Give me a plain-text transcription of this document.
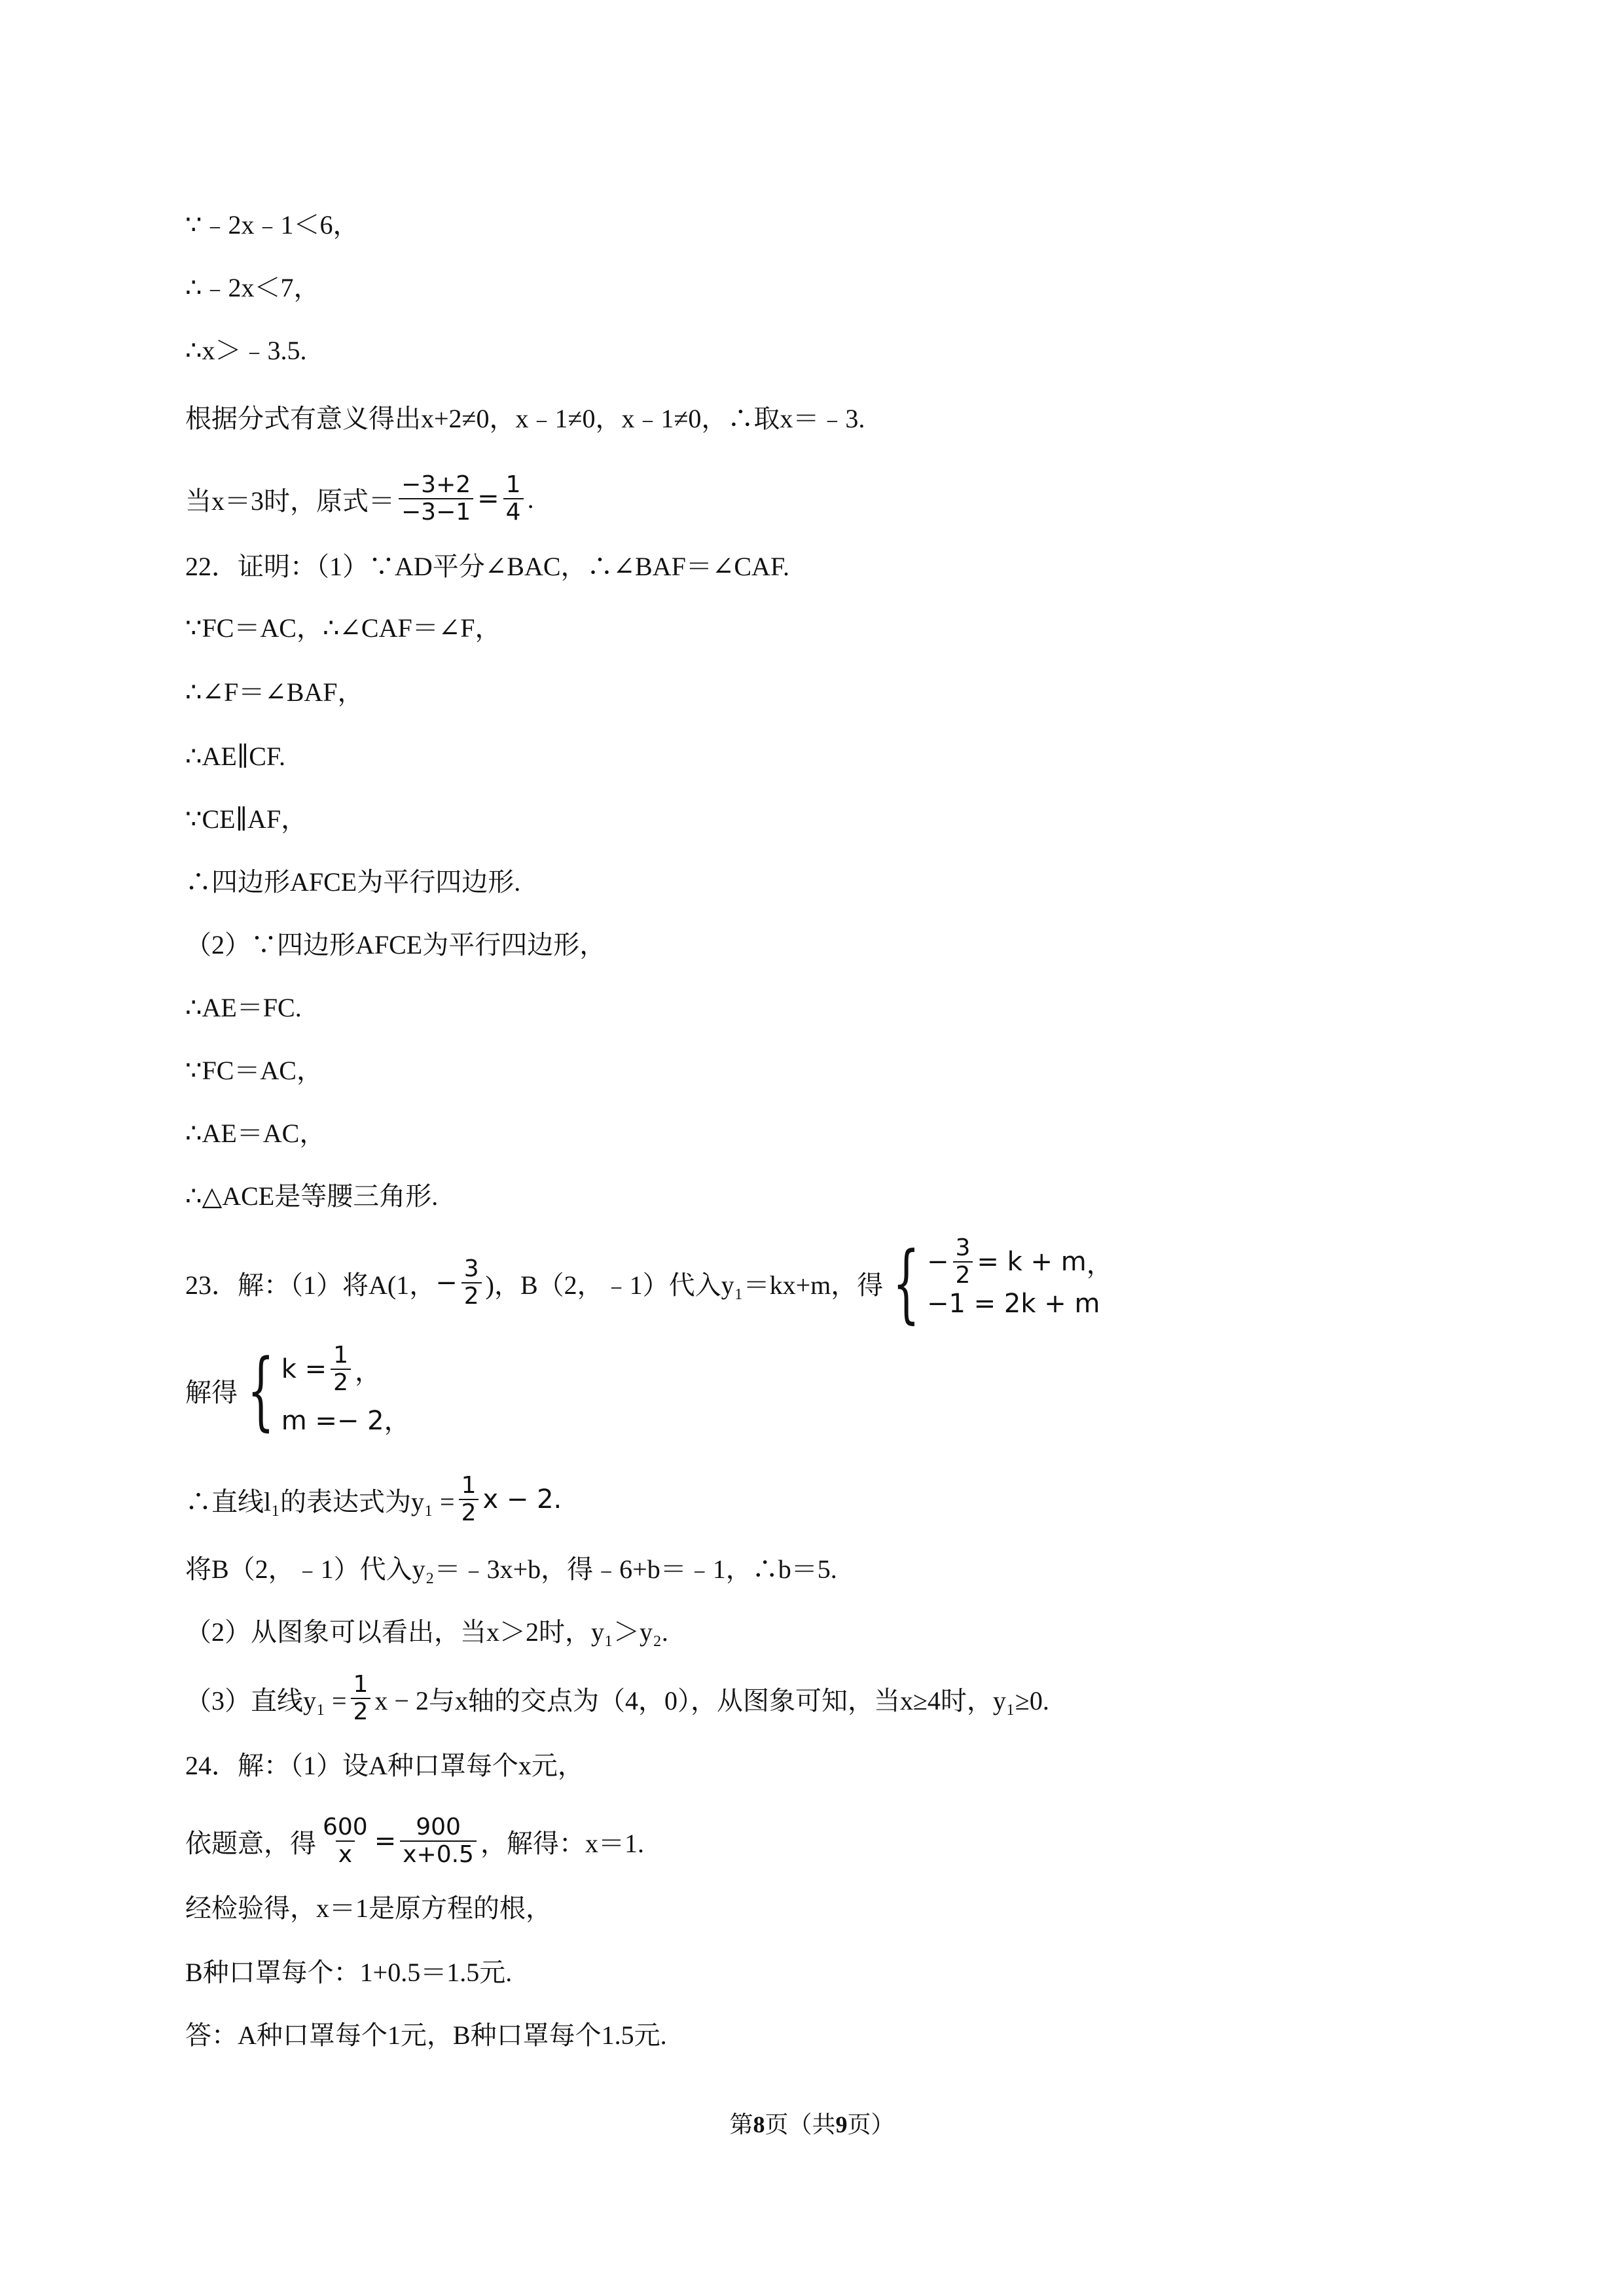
∵﹣2x﹣1＜6，
∴﹣2x＜7，
∴x＞﹣3.5.
根据分式有意义得出x+2≠0，x﹣1≠0，x﹣1≠0，∴取x＝﹣3.
当x＝3时，原式＝ $\frac{-3+2}{-3-1} = \frac{1}{4}$ .
22．证明：（1）∵AD平分∠BAC，∴∠BAF＝∠CAF.
∵FC＝AC，∴∠CAF＝∠F，
∴∠F＝∠BAF，
∴AE∥CF.
∵CE∥AF，
∴四边形AFCE为平行四边形.
（2）∵四边形AFCE为平行四边形，
∴AE＝FC.
∵FC＝AC，
∴AE＝AC，
∴△ACE是等腰三角形.
23．解：（1）将A(1， − $\frac{3}{2}$ )，B（2，﹣1）代入y₁＝kx+m，得 { − $\frac{3}{2} = k + m$ ，
−1 = 2k + m
解得 { $k = \frac{1}{2}$ ，
m =− 2，
∴直线l₁的表达式为$y_1 = \frac{1}{2}$ x − 2.
将B（2，﹣1）代入y₂＝﹣3x+b，得﹣6+b＝﹣1，∴b＝5.
（2）从图象可以看出，当x＞2时，y₁＞y₂.
（3）直线$y_1 = \frac{1}{2}$ x − 2与x轴的交点为（4，0），从图象可知，当x≥4时，y₁≥0.
24．解：（1）设A种口罩每个x元，
依题意，得 $\frac{600}{x} = \frac{900}{x+0.5}$ ，解得：x＝1.
经检验得，x＝1是原方程的根，
B种口罩每个：1+0.5＝1.5元.
答：A种口罩每个1元，B种口罩每个1.5元.
第8页（共9页）
